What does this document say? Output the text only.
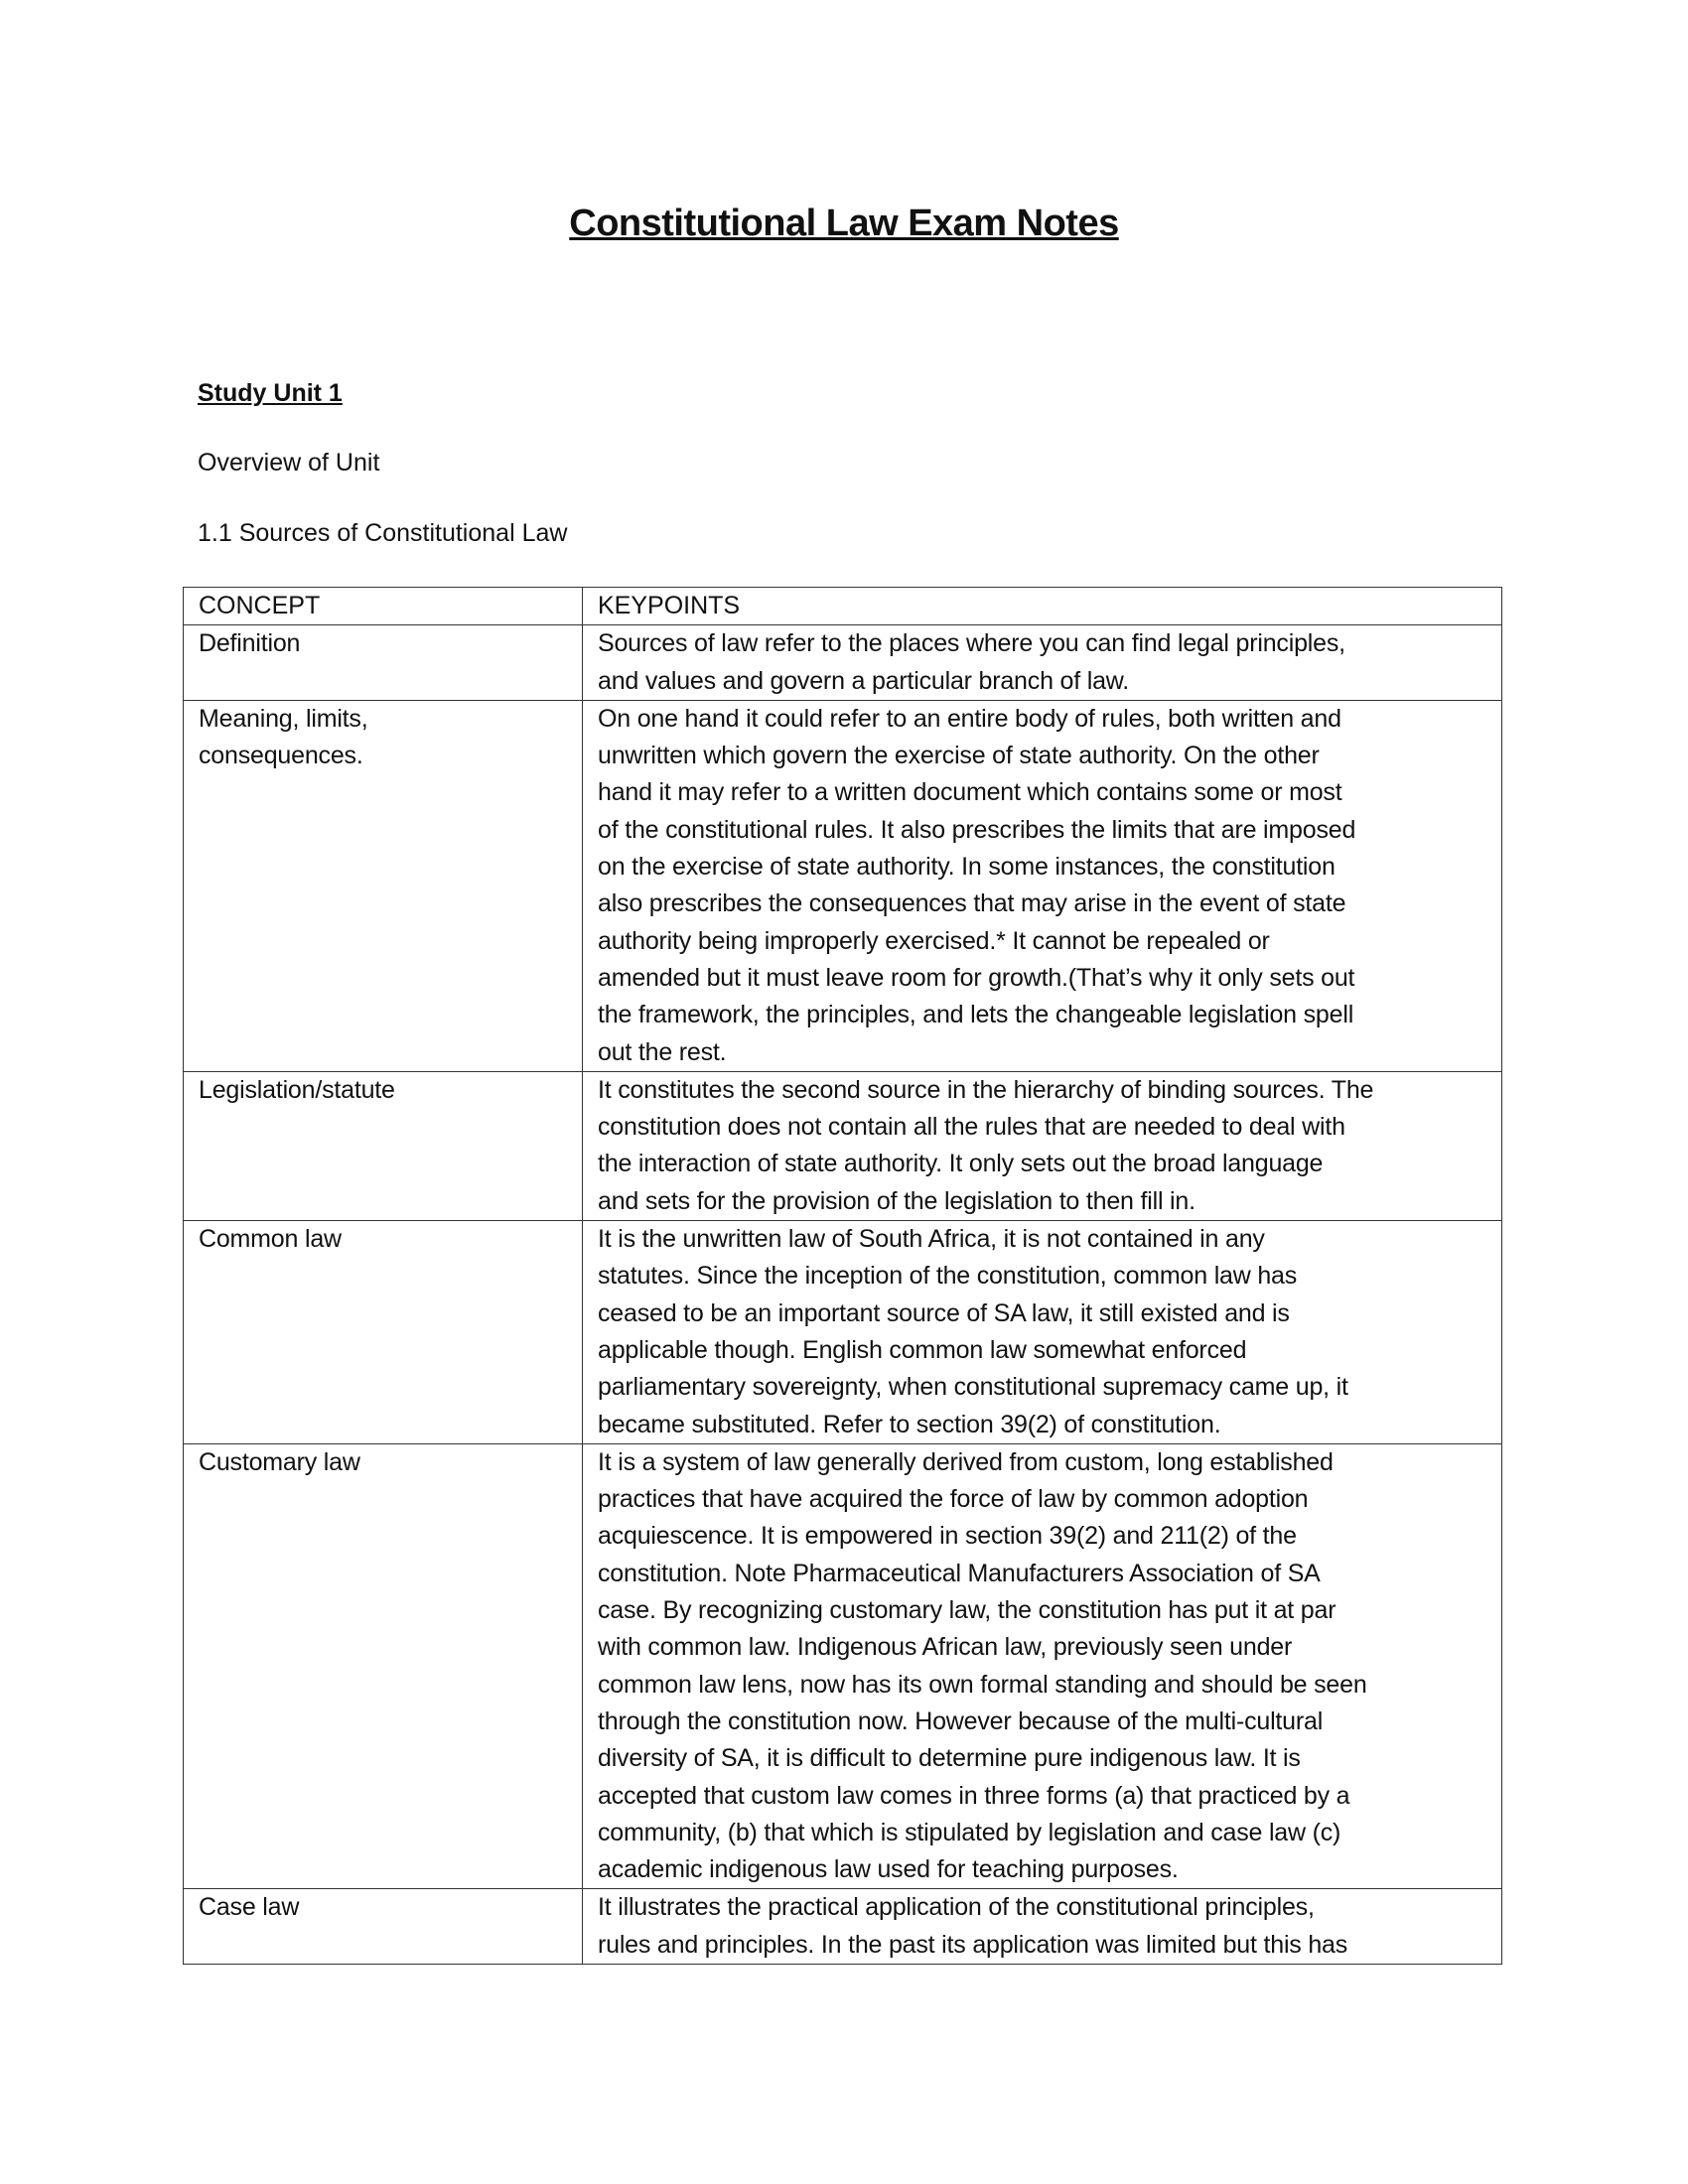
Constitutional Law Exam Notes
Study Unit 1
Overview of Unit
1.1 Sources of Constitutional Law
CONCEPT	KEYPOINTS

Definition	Sources of law refer to the places where you can find legal principles,
and values and govern a particular branch of law.

Meaning, limits,
consequences.

On one hand it could refer to an entire body of rules, both written and
unwritten which govern the exercise of state authority. On the other
hand it may refer to a written document which contains some or most
of the constitutional rules. It also prescribes the limits that are imposed
on the exercise of state authority. In some instances, the constitution
also prescribes the consequences that may arise in the event of state
authority being improperly exercised.* It cannot be repealed or
amended but it must leave room for growth.(That’s why it only sets out
the framework, the principles, and lets the changeable legislation spell
out the rest.

Legislation/statute	It constitutes the second source in the hierarchy of binding sources. The
constitution does not contain all the rules that are needed to deal with
the interaction of state authority. It only sets out the broad language
and sets for the provision of the legislation to then fill in.

Common law	It is the unwritten law of South Africa, it is not contained in any
statutes. Since the inception of the constitution, common law has
ceased to be an important source of SA law, it still existed and is
applicable though. English common law somewhat enforced
parliamentary sovereignty, when constitutional supremacy came up, it
became substituted. Refer to section 39(2) of constitution.

Customary law	It is a system of law generally derived from custom, long established
practices that have acquired the force of law by common adoption
acquiescence. It is empowered in section 39(2) and 211(2) of the
constitution. Note Pharmaceutical Manufacturers Association of SA
case. By recognizing customary law, the constitution has put it at par
with common law. Indigenous African law, previously seen under
common law lens, now has its own formal standing and should be seen
through the constitution now. However because of the multi-cultural
diversity of SA, it is difficult to determine pure indigenous law. It is
accepted that custom law comes in three forms (a) that practiced by a
community, (b) that which is stipulated by legislation and case law (c)
academic indigenous law used for teaching purposes.

Case law	It illustrates the practical application of the constitutional principles,
rules and principles. In the past its application was limited but this has
